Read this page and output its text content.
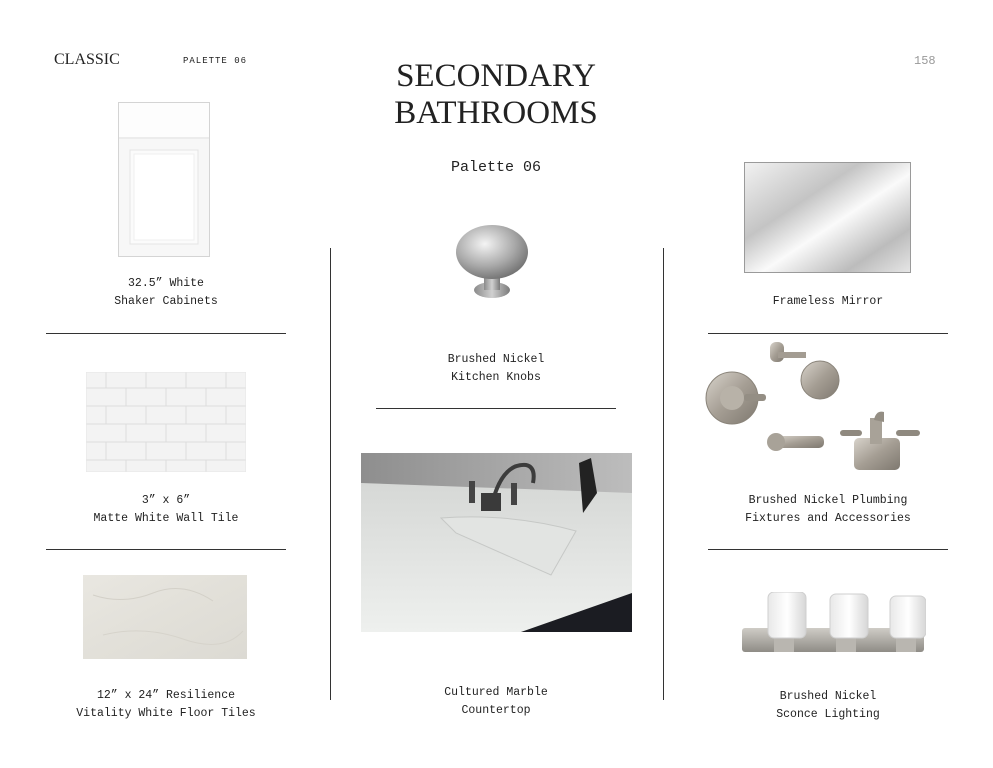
CLASSIC	PALETTE 06	158
SECONDARY
BATHROOMS
Palette 06
32.5” White
Shaker Cabinets
3” x 6”
Matte White Wall Tile
12” x 24” Resilience
Vitality White Floor Tiles
Brushed Nickel
Kitchen Knobs
Cultured Marble
Countertop
Frameless Mirror
Brushed Nickel Plumbing
Fixtures and Accessories
Brushed Nickel
Sconce Lighting
